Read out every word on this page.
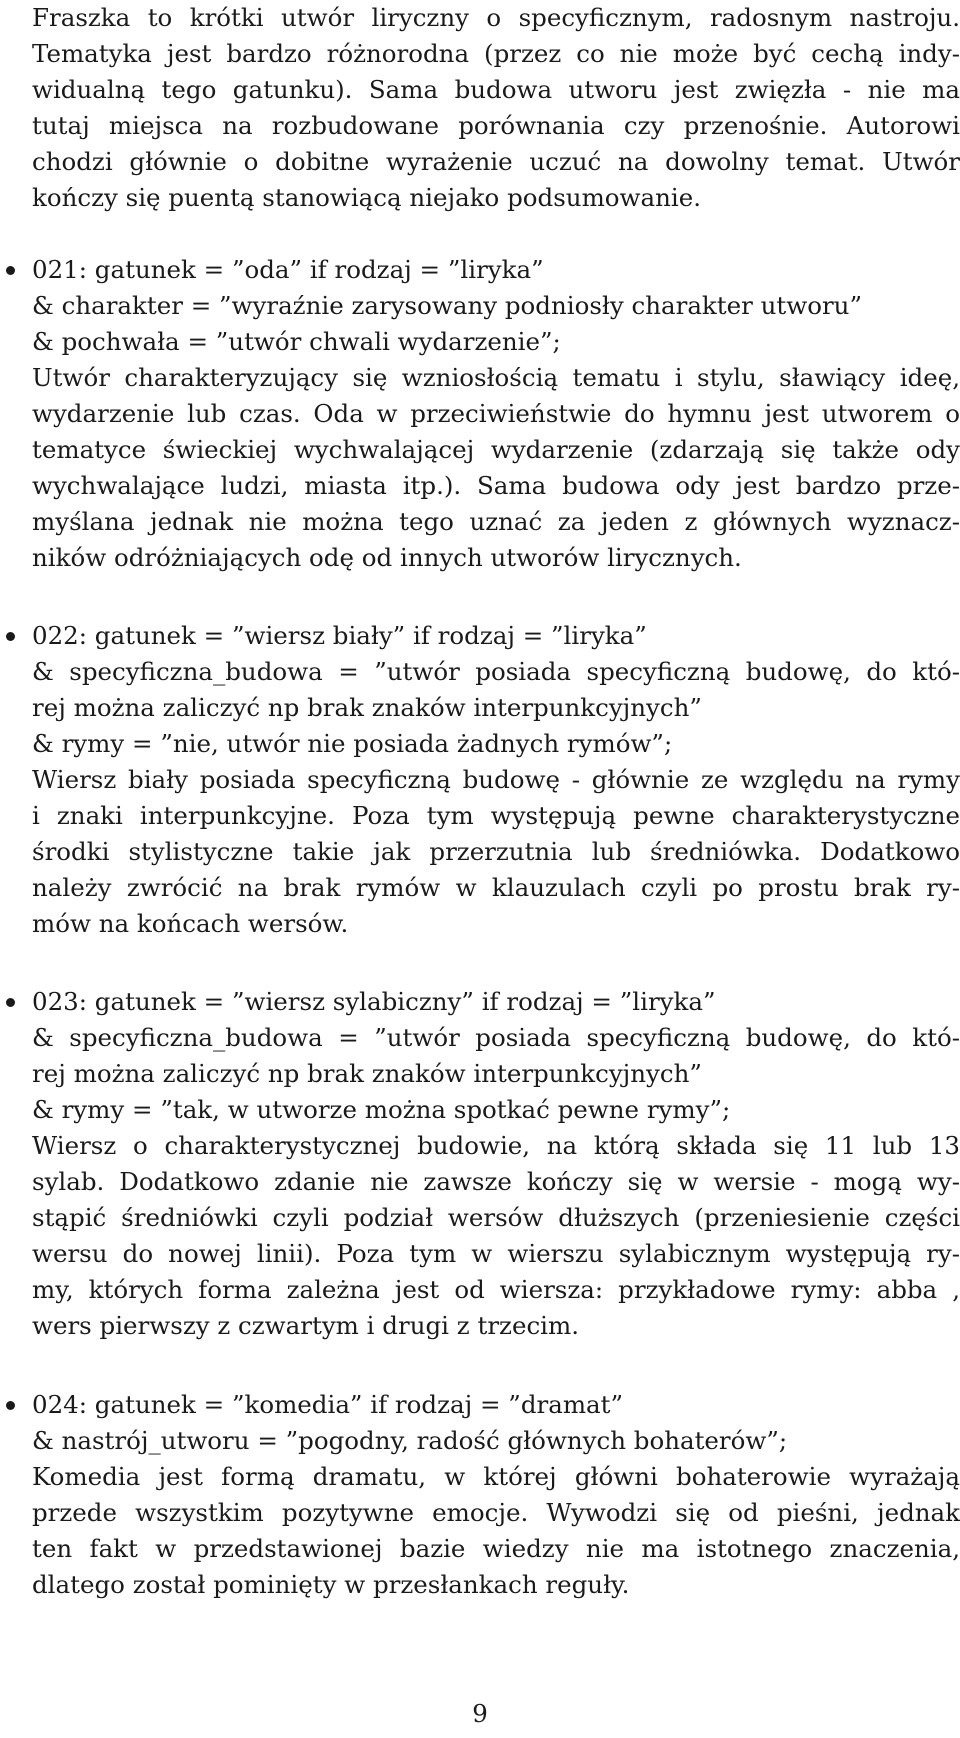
Fraszka to krótki utwór liryczny o specyficznym, radosnym nastroju.
Tematyka jest bardzo różnorodna (przez co nie może być cechą indy-
widualną tego gatunku). Sama budowa utworu jest zwięzła - nie ma
tutaj miejsca na rozbudowane porównania czy przenośnie. Autorowi
chodzi głównie o dobitne wyrażenie uczuć na dowolny temat. Utwór
kończy się puentą stanowiącą niejako podsumowanie.
021: gatunek = ”oda” if rodzaj = ”liryka”
& charakter = ”wyraźnie zarysowany podniosły charakter utworu”
& pochwała = ”utwór chwali wydarzenie”;
Utwór charakteryzujący się wzniosłością tematu i stylu, sławiący ideę,
wydarzenie lub czas. Oda w przeciwieństwie do hymnu jest utworem o
tematyce świeckiej wychwalającej wydarzenie (zdarzają się także ody
wychwalające ludzi, miasta itp.). Sama budowa ody jest bardzo prze-
myślana jednak nie można tego uznać za jeden z głównych wyznacz-
ników odróżniających odę od innych utworów lirycznych.
022: gatunek = ”wiersz biały” if rodzaj = ”liryka”
& specyficzna_budowa = ”utwór posiada specyficzną budowę, do któ-
rej można zaliczyć np brak znaków interpunkcyjnych”
& rymy = ”nie, utwór nie posiada żadnych rymów”;
Wiersz biały posiada specyficzną budowę - głównie ze względu na rymy
i znaki interpunkcyjne. Poza tym występują pewne charakterystyczne
środki stylistyczne takie jak przerzutnia lub średniówka. Dodatkowo
należy zwrócić na brak rymów w klauzulach czyli po prostu brak ry-
mów na końcach wersów.
023: gatunek = ”wiersz sylabiczny” if rodzaj = ”liryka”
& specyficzna_budowa = ”utwór posiada specyficzną budowę, do któ-
rej można zaliczyć np brak znaków interpunkcyjnych”
& rymy = ”tak, w utworze można spotkać pewne rymy”;
Wiersz o charakterystycznej budowie, na którą składa się 11 lub 13
sylab. Dodatkowo zdanie nie zawsze kończy się w wersie - mogą wy-
stąpić średniówki czyli podział wersów dłuższych (przeniesienie części
wersu do nowej linii). Poza tym w wierszu sylabicznym występują ry-
my, których forma zależna jest od wiersza: przykładowe rymy: abba ,
wers pierwszy z czwartym i drugi z trzecim.
024: gatunek = ”komedia” if rodzaj = ”dramat”
& nastrój_utworu = ”pogodny, radość głównych bohaterów”;
Komedia jest formą dramatu, w której główni bohaterowie wyrażają
przede wszystkim pozytywne emocje. Wywodzi się od pieśni, jednak
ten fakt w przedstawionej bazie wiedzy nie ma istotnego znaczenia,
dlatego został pominięty w przesłankach reguły.
9
